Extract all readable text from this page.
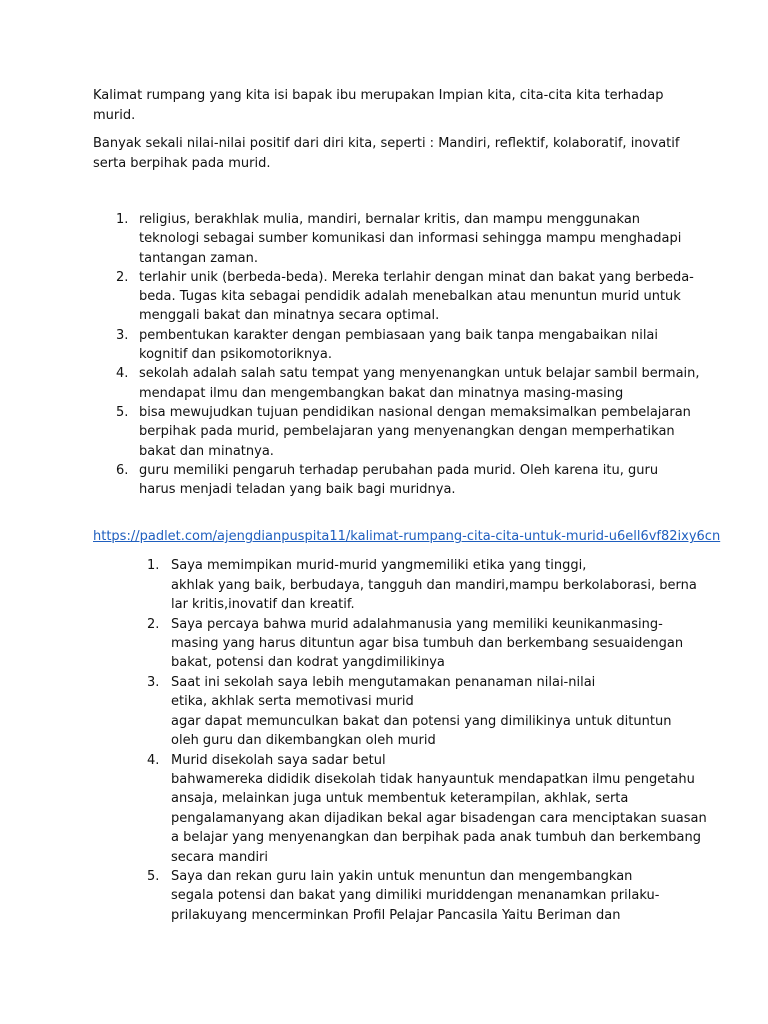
Kalimat rumpang yang kita isi bapak ibu merupakan Impian kita, cita-cita kita terhadap murid.

Banyak sekali nilai-nilai positif dari diri kita, seperti : Mandiri, reflektif, kolaboratif, inovatif serta berpihak pada murid.

1. religius, berakhlak mulia, mandiri, bernalar kritis, dan mampu menggunakan
teknologi sebagai sumber komunikasi dan informasi sehingga mampu menghadapi
tantangan zaman.
2. terlahir unik (berbeda-beda). Mereka terlahir dengan minat dan bakat yang berbeda-
beda. Tugas kita sebagai pendidik adalah menebalkan atau menuntun murid untuk
menggali bakat dan minatnya secara optimal.
3. pembentukan karakter dengan pembiasaan yang baik tanpa mengabaikan nilai
kognitif dan psikomotoriknya.
4. sekolah adalah salah satu tempat yang menyenangkan untuk belajar sambil bermain,
mendapat ilmu dan mengembangkan bakat dan minatnya masing-masing
5. bisa mewujudkan tujuan pendidikan nasional dengan memaksimalkan pembelajaran
berpihak pada murid, pembelajaran yang menyenangkan dengan memperhatikan
bakat dan minatnya.
6. guru memiliki pengaruh terhadap perubahan pada murid. Oleh karena itu, guru
harus menjadi teladan yang baik bagi muridnya.
https://padlet.com/ajengdianpuspita11/kalimat-rumpang-cita-cita-untuk-murid-u6ell6vf82ixy6cn
1. Saya memimpikan murid-murid yangmemiliki etika yang tinggi,
akhlak yang baik, berbudaya, tangguh dan mandiri,mampu berkolaborasi, berna
lar kritis,inovatif dan kreatif.
2. Saya percaya bahwa murid adalahmanusia yang memiliki keunikanmasing-
masing yang harus dituntun agar bisa tumbuh dan berkembang sesuaidengan
bakat, potensi dan kodrat yangdimilikinya
3. Saat ini sekolah saya lebih mengutamakan penanaman nilai-nilai
etika, akhlak serta memotivasi murid
agar dapat memunculkan bakat dan potensi yang dimilikinya untuk dituntun
oleh guru dan dikembangkan oleh murid
4. Murid disekolah saya sadar betul
bahwamereka dididik disekolah tidak hanyauntuk mendapatkan ilmu pengetahu
ansaja, melainkan juga untuk membentuk keterampilan, akhlak, serta
pengalamanyang akan dijadikan bekal agar bisadengan cara menciptakan suasan
a belajar yang menyenangkan dan berpihak pada anak tumbuh dan berkembang
secara mandiri
5. Saya dan rekan guru lain yakin untuk menuntun dan mengembangkan
segala potensi dan bakat yang dimiliki muriddengan menanamkan prilaku-
prilakuyang mencerminkan Profil Pelajar Pancasila Yaitu Beriman dan
